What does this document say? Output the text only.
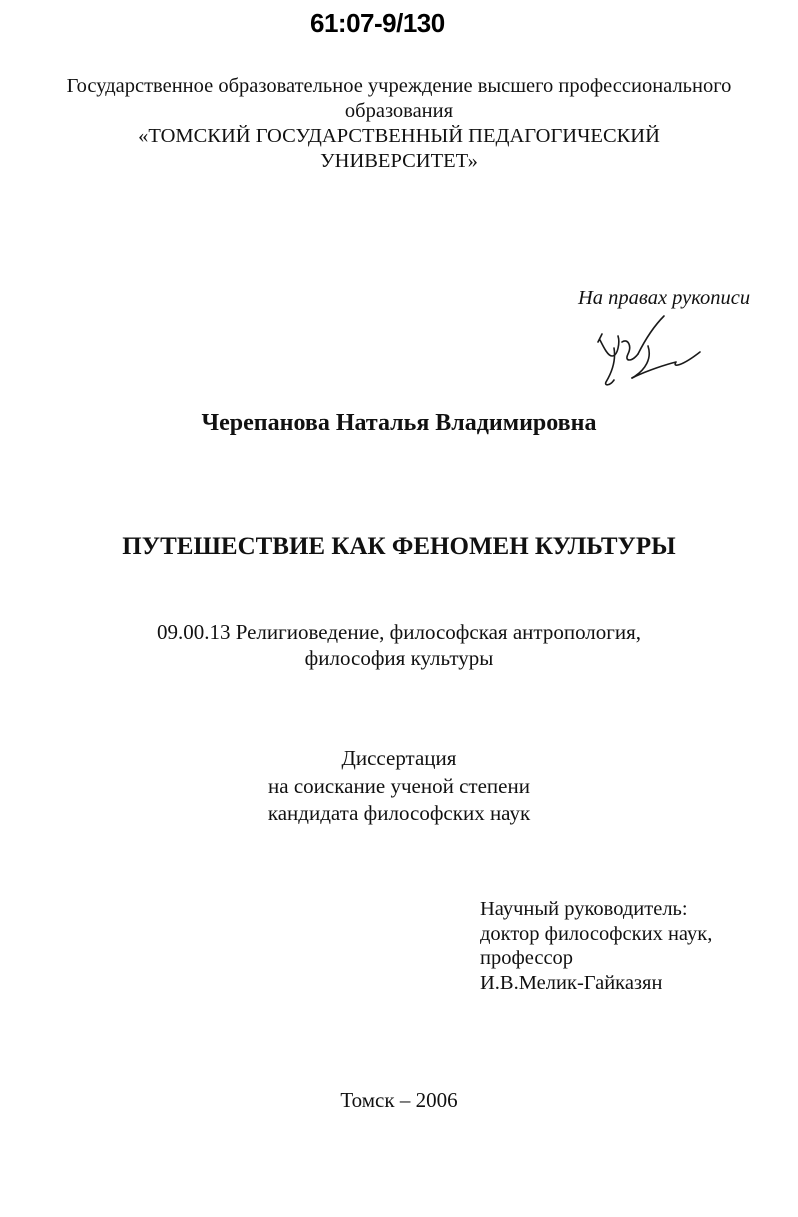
61:07-9/130
Государственное образовательное учреждение высшего профессионального
образования
«ТОМСКИЙ ГОСУДАРСТВЕННЫЙ ПЕДАГОГИЧЕСКИЙ
УНИВЕРСИТЕТ»
На правах рукописи
Черепанова Наталья Владимировна
ПУТЕШЕСТВИЕ КАК ФЕНОМЕН КУЛЬТУРЫ
09.00.13 Религиоведение, философская антропология,
философия культуры
Диссертация
на соискание ученой степени
кандидата философских наук
Научный руководитель:
доктор философских наук,
профессор
И.В.Мелик-Гайказян
Томск – 2006
